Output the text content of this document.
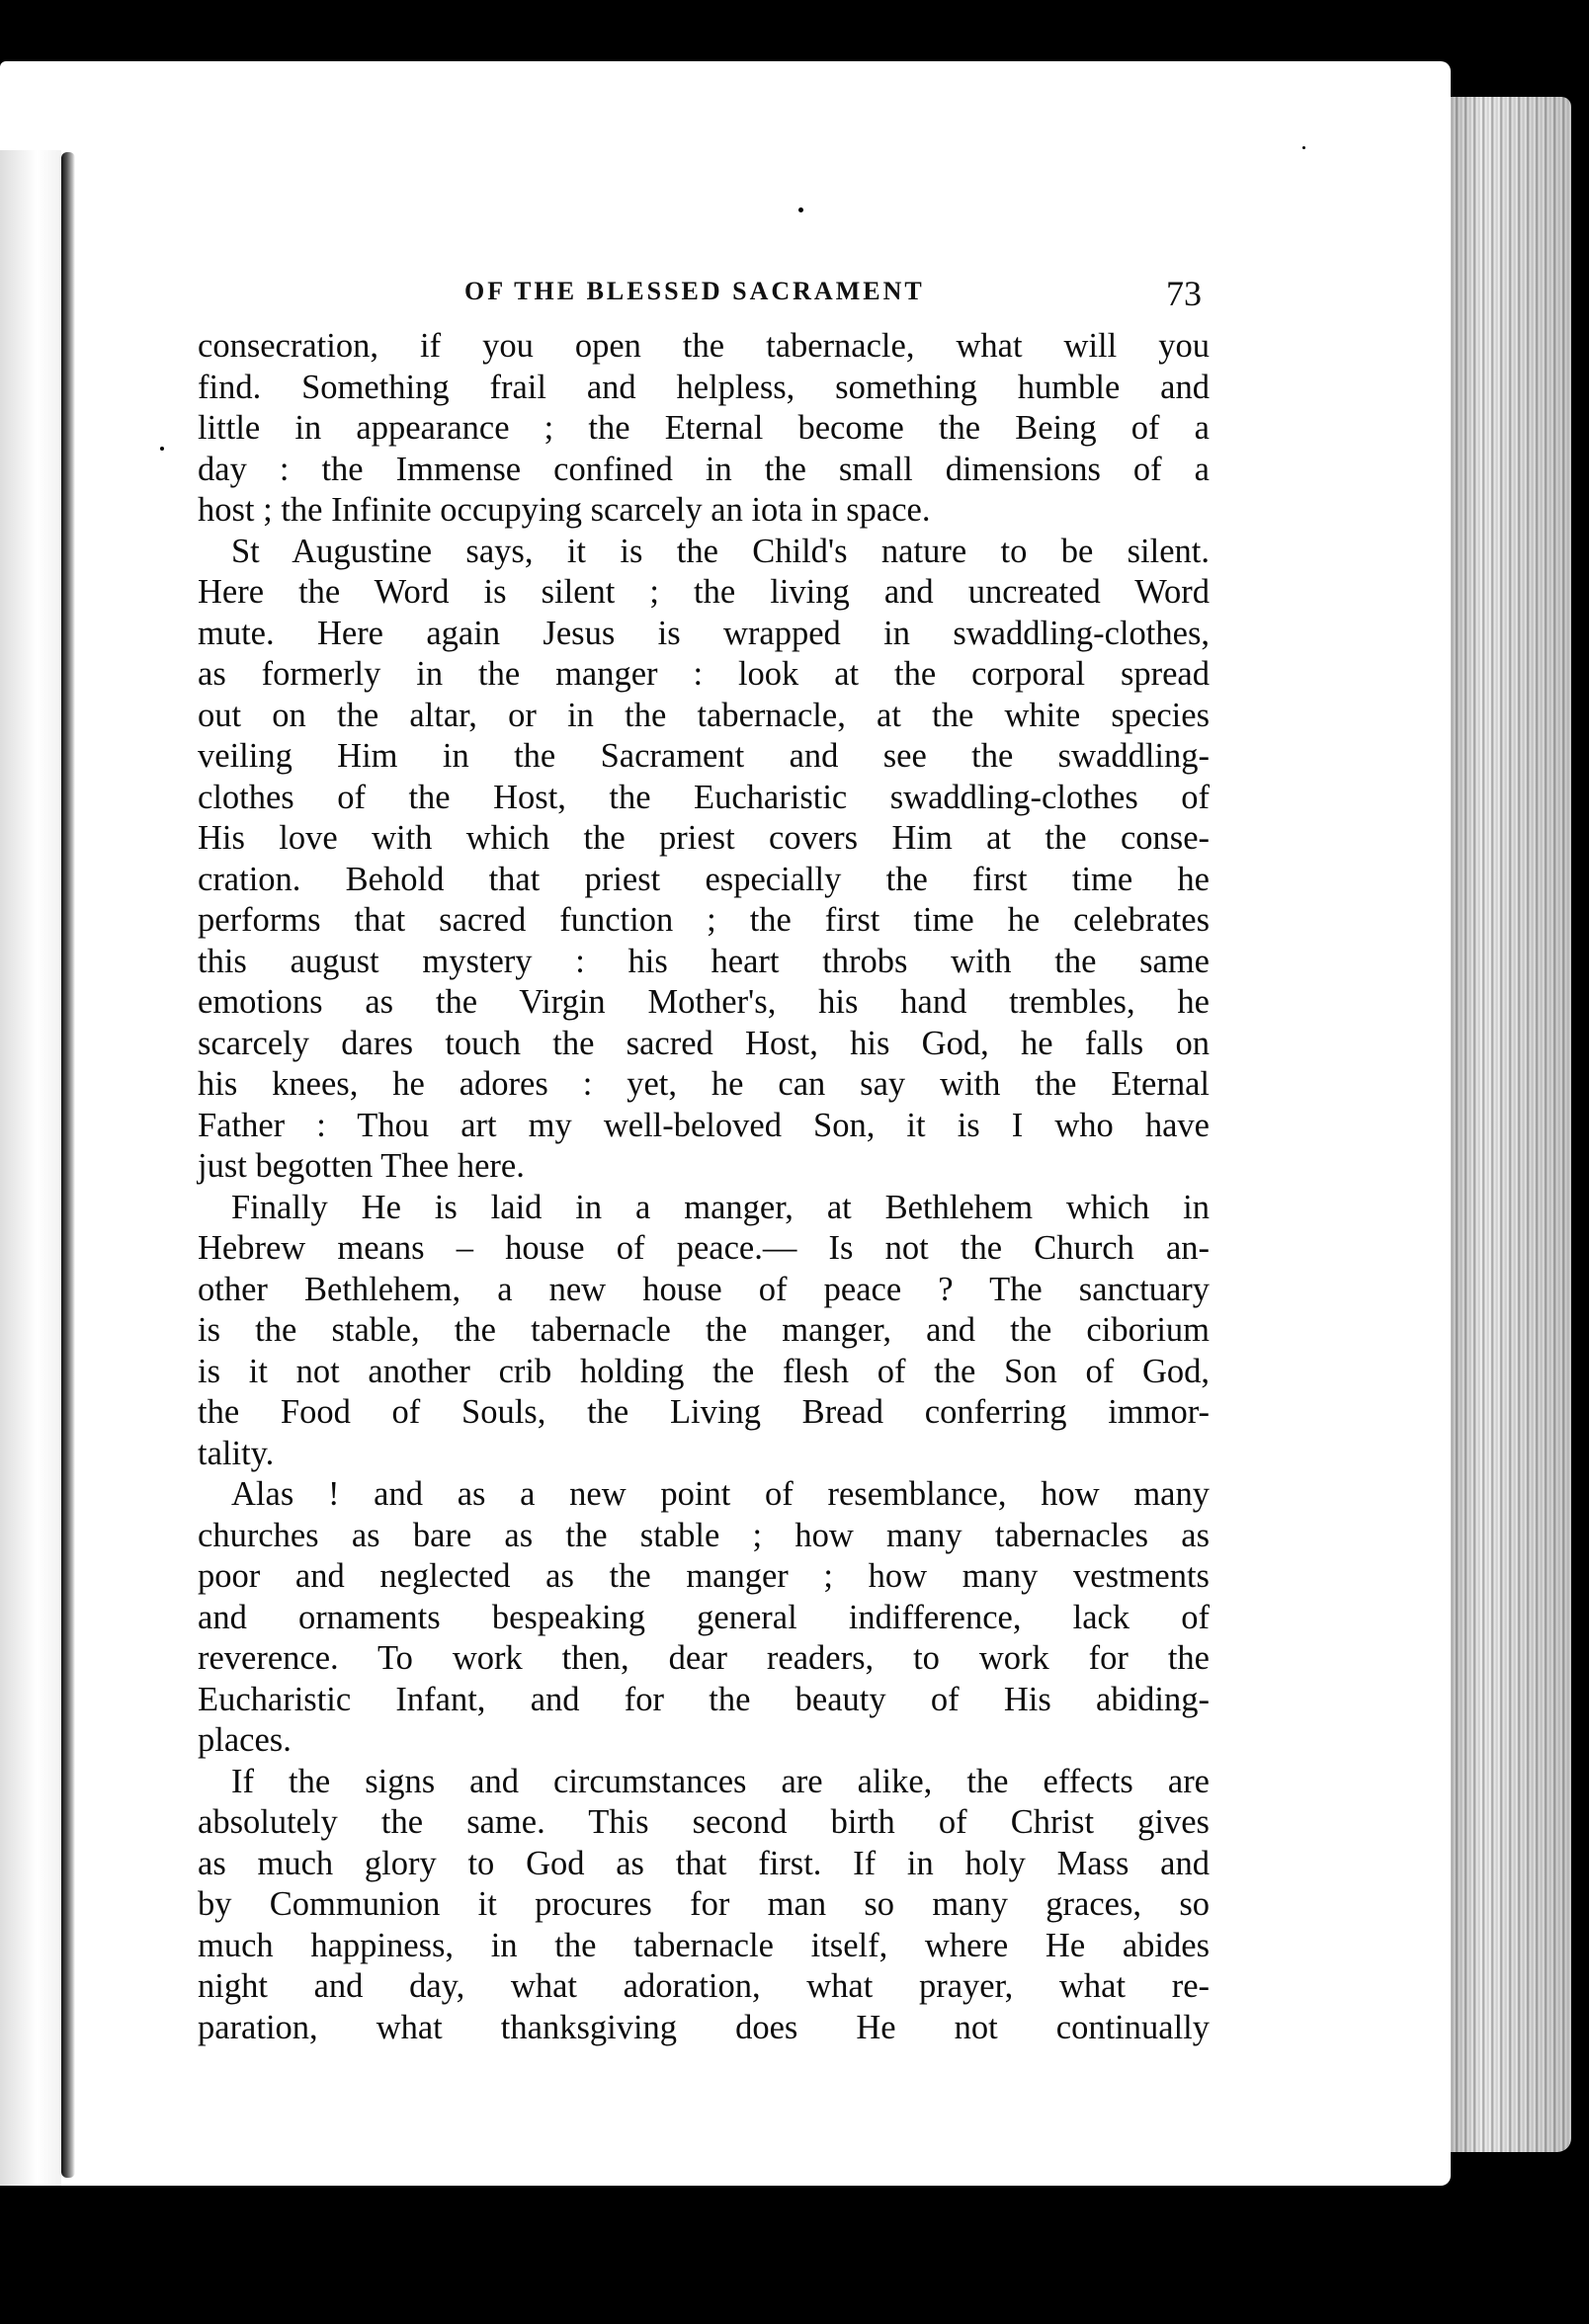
OF THE BLESSED SACRAMENT	73
consecration, if you open the tabernacle, what will you
find. Something frail and helpless, something humble and
little in appearance ; the Eternal become the Being of a
day : the Immense confined in the small dimensions of a
host ; the Infinite occupying scarcely an iota in space.
St Augustine says, it is the Child's nature to be silent.
Here the Word is silent ; the living and uncreated Word
mute. Here again Jesus is wrapped in swaddling-clothes,
as formerly in the manger : look at the corporal spread
out on the altar, or in the tabernacle, at the white species
veiling Him in the Sacrament and see the swaddling-
clothes of the Host, the Eucharistic swaddling-clothes of
His love with which the priest covers Him at the conse-
cration. Behold that priest especially the first time he
performs that sacred function ; the first time he celebrates
this august mystery : his heart throbs with the same
emotions as the Virgin Mother's, his hand trembles, he
scarcely dares touch the sacred Host, his God, he falls on
his knees, he adores : yet, he can say with the Eternal
Father : Thou art my well-beloved Son, it is I who have
just begotten Thee here.
Finally He is laid in a manger, at Bethlehem which in
Hebrew means – house of peace.— Is not the Church an-
other Bethlehem, a new house of peace ? The sanctuary
is the stable, the tabernacle the manger, and the ciborium
is it not another crib holding the flesh of the Son of God,
the Food of Souls, the Living Bread conferring immor-
tality.
Alas ! and as a new point of resemblance, how many
churches as bare as the stable ; how many tabernacles as
poor and neglected as the manger ; how many vestments
and ornaments bespeaking general indifference, lack of
reverence. To work then, dear readers, to work for the
Eucharistic Infant, and for the beauty of His abiding-
places.
If the signs and circumstances are alike, the effects are
absolutely the same. This second birth of Christ gives
as much glory to God as that first. If in holy Mass and
by Communion it procures for man so many graces, so
much happiness, in the tabernacle itself, where He abides
night and day, what adoration, what prayer, what re-
paration, what thanksgiving does He not continually
